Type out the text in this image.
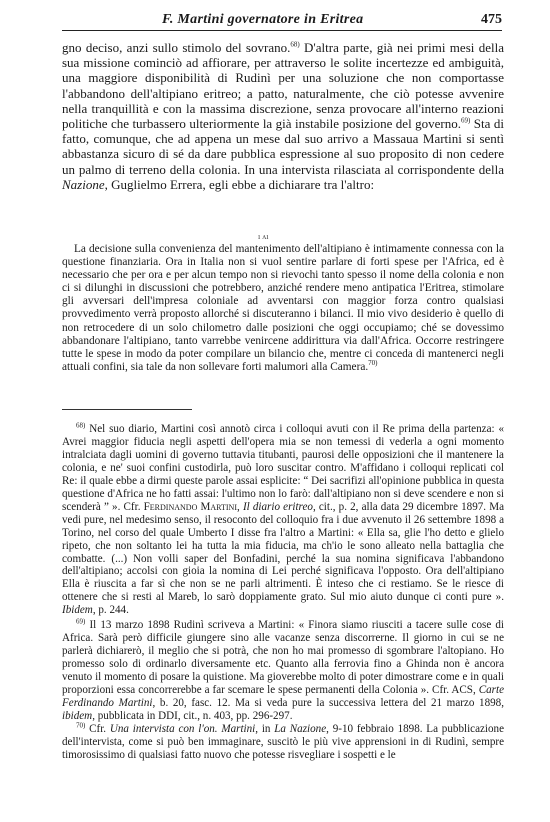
F. Martini governatore in Eritrea	475

gno deciso, anzi sullo stimolo del sovrano.$^{68)}$ D'altra parte, già nei primi mesi della sua missione cominciò ad affiorare, per attraverso le solite incertezze ed ambiguità, una maggiore disponibilità di Rudinì per una soluzione che non comportasse l'abbandono dell'altipiano eritreo; a patto, naturalmente, che ciò potesse avvenire nella tranquillità e con la massima discrezione, senza provocare all'interno reazioni politiche che turbassero ulteriormente la già instabile posizione del governo.$^{69)}$ Sta di fatto, comunque, che ad appena un mese dal suo arrivo a Massaua Martini si sentì abbastanza sicuro di sé da dare pubblica espressione al suo proposito di non cedere un palmo di terreno della colonia. In una intervista rilasciata al corrispondente della Nazione, Guglielmo Errera, egli ebbe a dichiarare tra l'altro:

ı ʌı

La decisione sulla convenienza del mantenimento dell'altipiano è intimamente connessa con la questione finanziaria. Ora in Italia non si vuol sentire parlare di forti spese per l'Africa, ed è necessario che per ora e per alcun tempo non si rievochi tanto spesso il nome della colonia e non ci si dilunghi in discussioni che potrebbero, anziché rendere meno antipatica l'Eritrea, stimolare gli avversari dell'impresa coloniale ad avventarsi con maggior forza contro qualsiasi provvedimento verrà proposto allorché si discuteranno i bilanci. Il mio vivo desiderio è quello di non retrocedere di un solo chilometro dalle posizioni che oggi occupiamo; ché se dovessimo abbandonare l'altipiano, tanto varrebbe venircene addirittura via dall'Africa. Occorre restringere tutte le spese in modo da poter compilare un bilancio che, mentre ci conceda di mantenerci negli attuali confini, sia tale da non sollevare forti malumori alla Camera.$^{70)}$

$^{68)}$ Nel suo diario, Martini così annotò circa i colloqui avuti con il Re prima della partenza: « Avrei maggior fiducia negli aspetti dell'opera mia se non temessi di vederla a ogni momento intralciata dagli uomini di governo tuttavia titubanti, paurosi delle opposizioni che il mantenere la colonia, e ne' suoi confini custodirla, può loro suscitar contro. M'affidano i colloqui replicati col Re: il quale ebbe a dirmi queste parole assai esplicite: “ Dei sacrifizi all'opinione pubblica in questa questione d'Africa ne ho fatti assai: l'ultimo non lo farò: dall'altipiano non si deve scendere e non si scenderà ” ». Cfr. Ferdinando Martini, Il diario eritreo, cit., p. 2, alla data 29 dicembre 1897. Ma vedi pure, nel medesimo senso, il resoconto del colloquio fra i due avvenuto il 26 settembre 1898 a Torino, nel corso del quale Umberto I disse fra l'altro a Martini: « Ella sa, glie l'ho detto e glielo ripeto, che non soltanto lei ha tutta la mia fiducia, ma ch'io le sono alleato nella battaglia che combatte. (...) Non volli saper del Bonfadini, perché la sua nomina significava l'abbandono dell'altipiano; accolsi con gioia la nomina di Lei perché significava l'opposto. Ora dell'altipiano Ella è riuscita a far sì che non se ne parli altrimenti. È inteso che ci restiamo. Se le riesce di ottenere che si resti al Mareb, lo sarò doppiamente grato. Sul mio aiuto dunque ci conti pure ». Ibidem, p. 244.

$^{69)}$ Il 13 marzo 1898 Rudinì scriveva a Martini: « Finora siamo riusciti a tacere sulle cose di Africa. Sarà però difficile giungere sino alle vacanze senza discorrerne. Il giorno in cui se ne parlerà dichiarerò, il meglio che si potrà, che non ho mai promesso di sgombrare l'altopiano. Ho promesso solo di ordinarlo diversamente etc. Quanto alla ferrovia fino a Ghinda non è ancora venuto il momento di posare la quistione. Ma gioverebbe molto di poter dimostrare come e in quali proporzioni essa concorrerebbe a far scemare le spese permanenti della Colonia ». Cfr. ACS, Carte Ferdinando Martini, b. 20, fasc. 12. Ma si veda pure la successiva lettera del 21 marzo 1898, ibidem, pubblicata in DDI, cit., n. 403, pp. 296-297.

$^{70)}$ Cfr. Una intervista con l'on. Martini, in La Nazione, 9-10 febbraio 1898. La pubblicazione dell'intervista, come si può ben immaginare, suscitò le più vive apprensioni in di Rudinì, sempre timorosissimo di qualsiasi fatto nuovo che potesse risvegliare i sospetti e le
